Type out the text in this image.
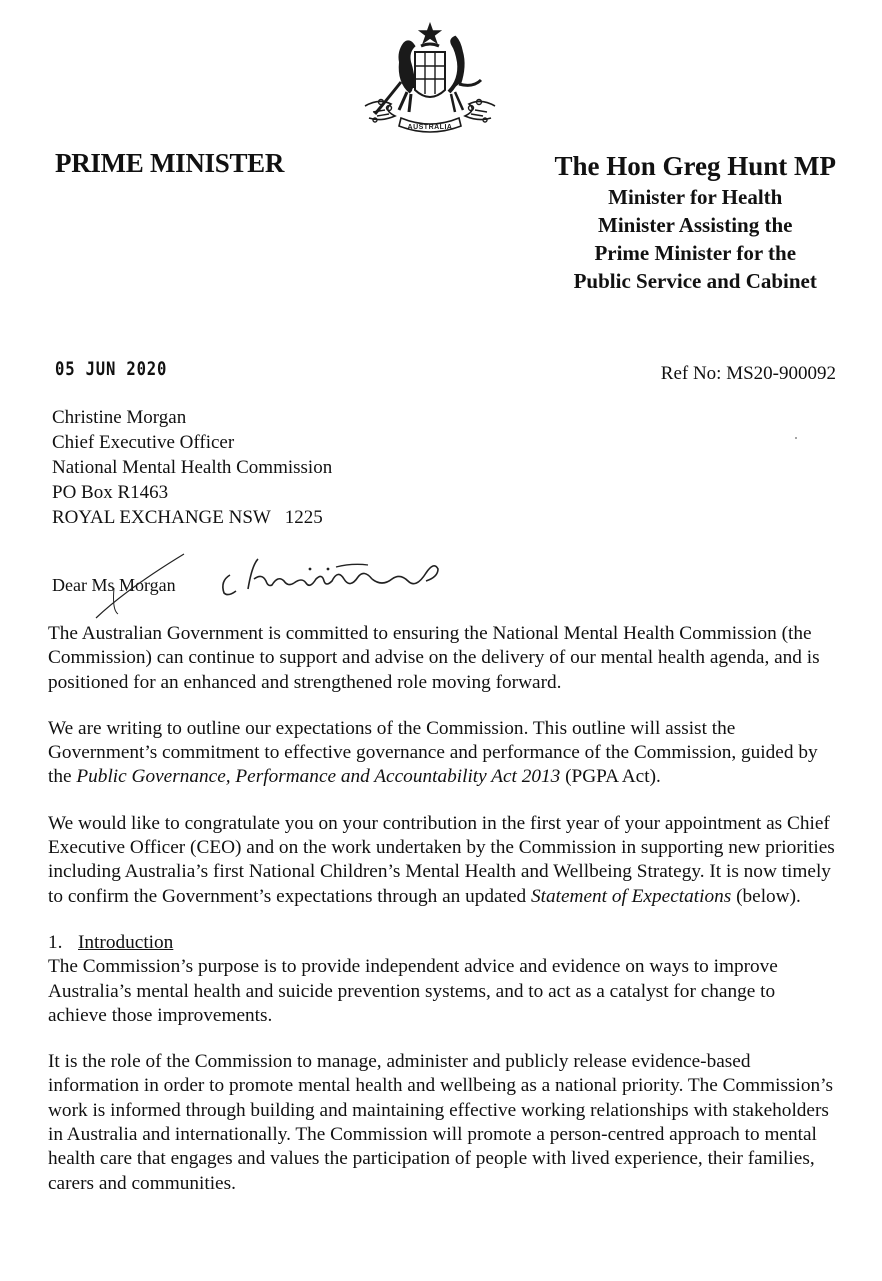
AUSTRALIA
PRIME MINISTER	The Hon Greg Hunt MP
Minister for Health
Minister Assisting the
Prime Minister for the
Public Service and Cabinet
05 JUN 2020	Ref No: MS20-900092
Christine Morgan
Chief Executive Officer
National Mental Health Commission
PO Box R1463
ROYAL EXCHANGE NSW   1225
Dear Ms Morgan

The Australian Government is committed to ensuring the National Mental Health Commission (the Commission) can continue to support and advise on the delivery of our mental health agenda, and is positioned for an enhanced and strengthened role moving forward.

We are writing to outline our expectations of the Commission. This outline will assist the Government’s commitment to effective governance and performance of the Commission, guided by the Public Governance, Performance and Accountability Act 2013 (PGPA Act).

We would like to congratulate you on your contribution in the first year of your appointment as Chief Executive Officer (CEO) and on the work undertaken by the Commission in supporting new priorities including Australia’s first National Children’s Mental Health and Wellbeing Strategy. It is now timely to confirm the Government’s expectations through an updated Statement of Expectations (below).

1. Introduction
The Commission’s purpose is to provide independent advice and evidence on ways to improve Australia’s mental health and suicide prevention systems, and to act as a catalyst for change to achieve those improvements.

It is the role of the Commission to manage, administer and publicly release evidence-based information in order to promote mental health and wellbeing as a national priority. The Commission’s work is informed through building and maintaining effective working relationships with stakeholders in Australia and internationally. The Commission will promote a person-centred approach to mental health care that engages and values the participation of people with lived experience, their families, carers and communities.
